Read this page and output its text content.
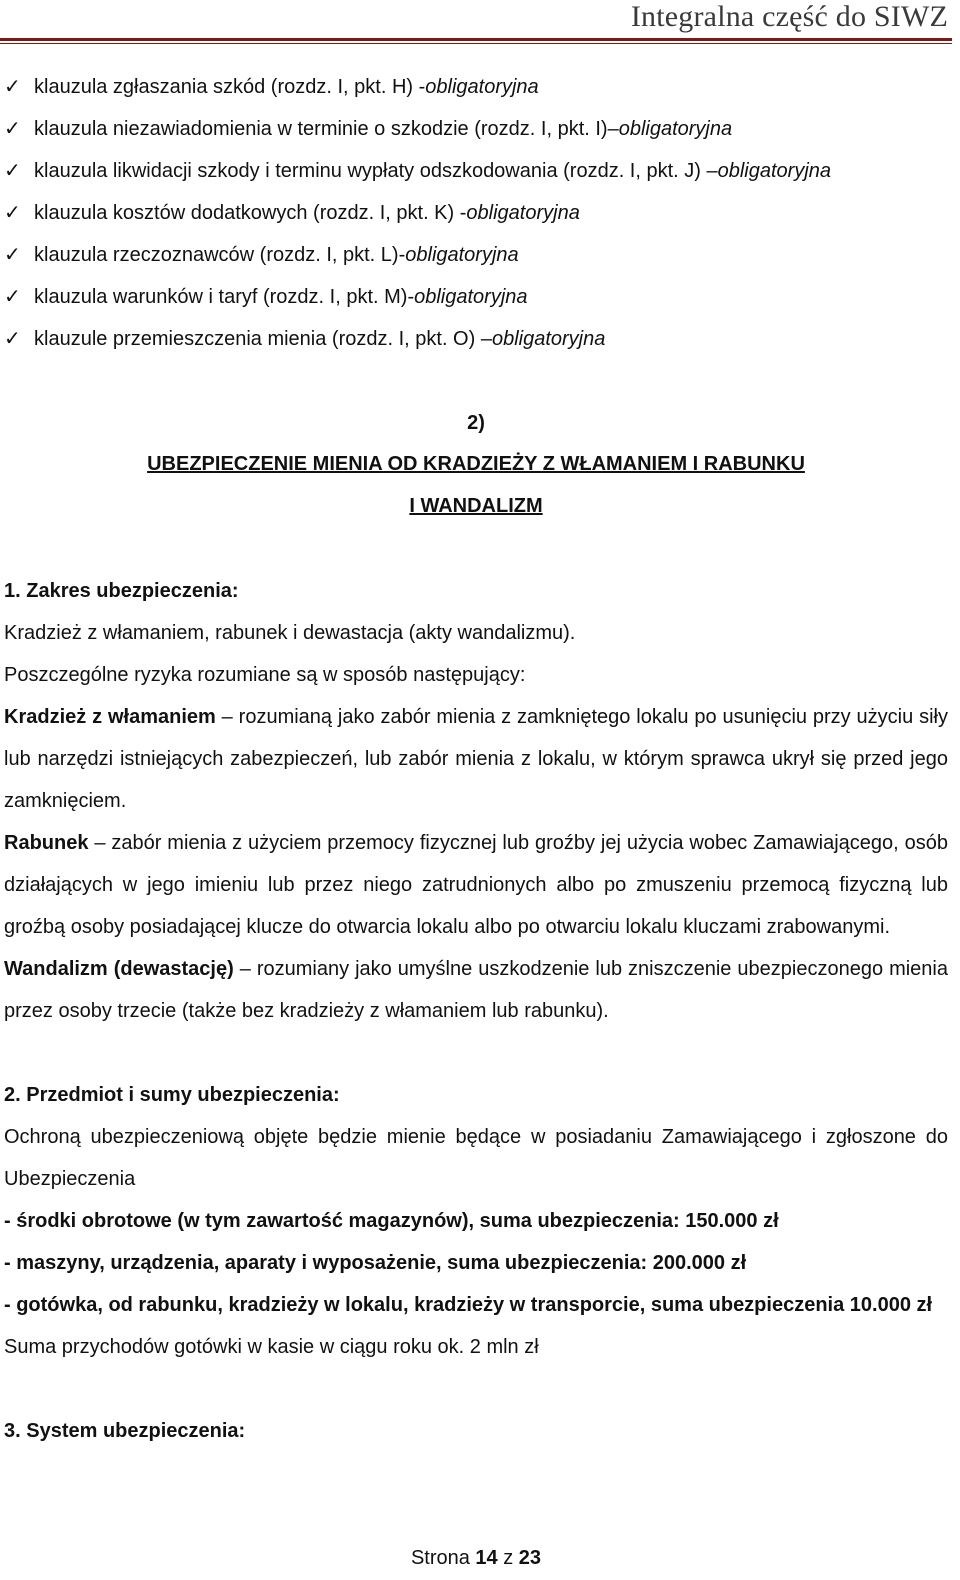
Integralna część do SIWZ
✓ klauzula zgłaszania szkód (rozdz. I, pkt. H) - obligatoryjna
✓ klauzula niezawiadomienia w terminie o szkodzie (rozdz. I, pkt. I)– obligatoryjna
✓ klauzula likwidacji szkody i terminu wypłaty odszkodowania (rozdz. I, pkt. J) – obligatoryjna
✓ klauzula kosztów dodatkowych (rozdz. I, pkt. K) - obligatoryjna
✓ klauzula rzeczoznawców (rozdz. I, pkt. L)- obligatoryjna
✓ klauzula warunków i taryf (rozdz. I, pkt. M)- obligatoryjna
✓ klauzule przemieszczenia mienia (rozdz. I, pkt. O) – obligatoryjna
2)
UBEZPIECZENIE MIENIA OD KRADZIEŻY Z WŁAMANIEM I RABUNKU
I WANDALIZM

1. Zakres ubezpieczenia:

Kradzież z włamaniem, rabunek i dewastacja (akty wandalizmu).

Poszczególne ryzyka rozumiane są w sposób następujący:

Kradzież z włamaniem – rozumianą jako zabór mienia z zamkniętego lokalu po usunięciu przy użyciu siły lub narzędzi istniejących zabezpieczeń, lub zabór mienia z lokalu, w którym sprawca ukrył się przed jego zamknięciem.

Rabunek – zabór mienia z użyciem przemocy fizycznej lub groźby jej użycia wobec Zamawiającego, osób działających w jego imieniu lub przez niego zatrudnionych albo po zmuszeniu przemocą fizyczną lub groźbą osoby posiadającej klucze do otwarcia lokalu albo po otwarciu lokalu kluczami zrabowanymi.

Wandalizm (dewastację) – rozumiany jako umyślne uszkodzenie lub zniszczenie ubezpieczonego mienia przez osoby trzecie (także bez kradzieży z włamaniem lub rabunku).

2. Przedmiot i sumy ubezpieczenia:

Ochroną ubezpieczeniową objęte będzie mienie będące w posiadaniu Zamawiającego i zgłoszone do Ubezpieczenia

- środki obrotowe (w tym zawartość magazynów), suma ubezpieczenia: 150.000 zł

- maszyny, urządzenia, aparaty i wyposażenie, suma ubezpieczenia: 200.000 zł

- gotówka, od rabunku, kradzieży w lokalu, kradzieży w transporcie, suma ubezpieczenia 10.000 zł

Suma przychodów gotówki w kasie w ciągu roku ok. 2 mln zł

3. System ubezpieczenia:

Strona 14 z 23
